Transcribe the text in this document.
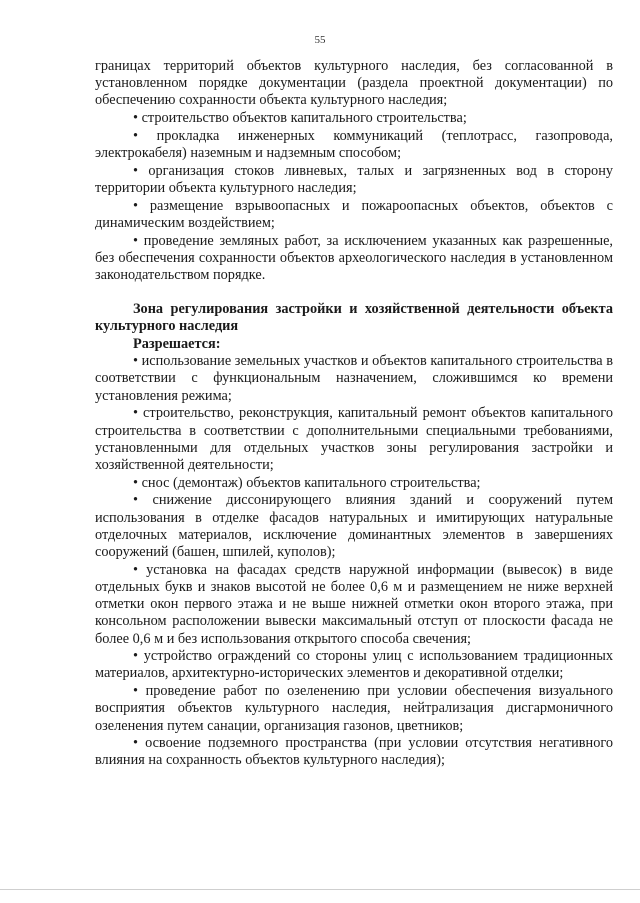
55

границах территорий объектов культурного наследия, без согласованной в установленном порядке документации (раздела проектной документации) по обеспечению сохранности объекта культурного наследия;

• строительство объектов капитального строительства;

• прокладка инженерных коммуникаций (теплотрасс, газопровода, электрокабеля) наземным и надземным способом;

• организация стоков ливневых, талых и загрязненных вод в сторону территории объекта культурного наследия;

• размещение взрывоопасных и пожароопасных объектов, объектов с динамическим воздействием;

• проведение земляных работ, за исключением указанных как разрешенные, без обеспечения сохранности объектов археологического наследия в установленном законодательством порядке.

Зона регулирования застройки и хозяйственной деятельности объекта культурного наследия

Разрешается:

• использование земельных участков и объектов капитального строительства в соответствии с функциональным назначением, сложившимся ко времени установления режима;

• строительство, реконструкция, капитальный ремонт объектов капитального строительства в соответствии с дополнительными специальными требованиями, установленными для отдельных участков зоны регулирования застройки и хозяйственной деятельности;

• снос (демонтаж) объектов капитального строительства;

• снижение диссонирующего влияния зданий и сооружений путем использования в отделке фасадов натуральных и имитирующих натуральные отделочных материалов, исключение доминантных элементов в завершениях сооружений (башен, шпилей, куполов);

• установка на фасадах средств наружной информации (вывесок) в виде отдельных букв и знаков высотой не более 0,6 м и размещением не ниже верхней отметки окон первого этажа и не выше нижней отметки окон второго этажа, при консольном расположении вывески максимальный отступ от плоскости фасада не более 0,6 м и без использования открытого способа свечения;

• устройство ограждений со стороны улиц с использованием традиционных материалов, архитектурно-исторических элементов и декоративной отделки;

• проведение работ по озеленению при условии обеспечения визуального восприятия объектов культурного наследия, нейтрализация дисгармоничного озеленения путем санации, организация газонов, цветников;

• освоение подземного пространства (при условии отсутствия негативного влияния на сохранность объектов культурного наследия);
